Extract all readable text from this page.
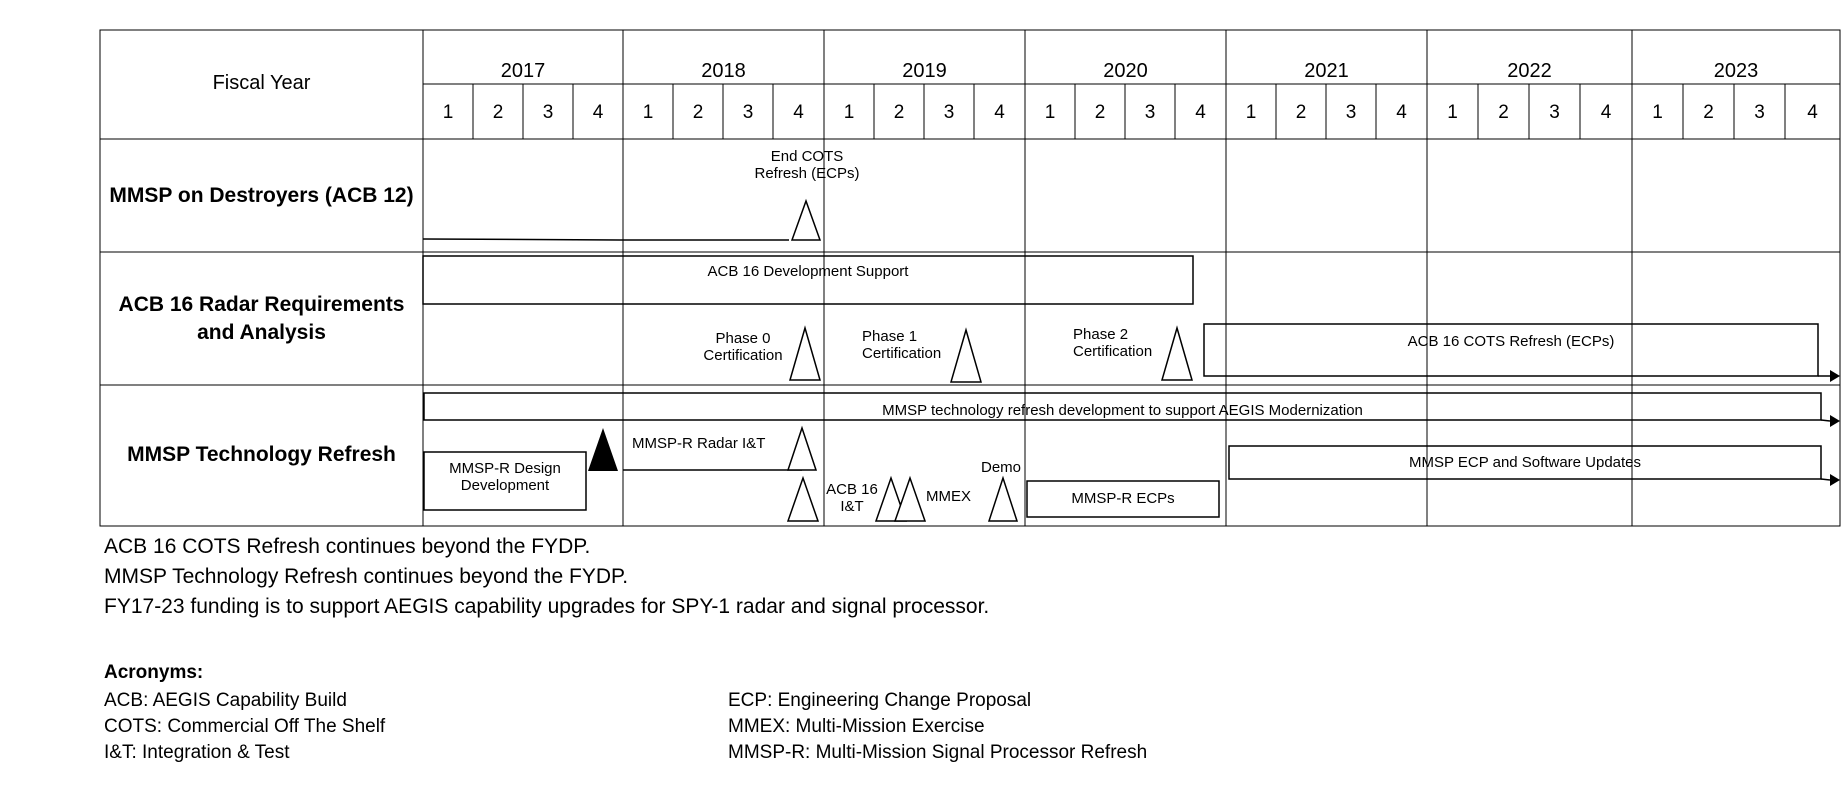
Fiscal Year
2017	2018	2019	2020	2021	2022	2023
1	2	3	4	1	2	3	4	1	2	3	4	1	2	3	4	1	2	3	4	1	2	3	4	1	2	3	4
MMSP on Destroyers (ACB 12)
ACB 16 Radar Requirements and Analysis
MMSP Technology Refresh
End COTS Refresh (ECPs)
ACB 16 Development Support
Phase 0 Certification
Phase 1 Certification
Phase 2 Certification
ACB 16 COTS Refresh (ECPs)
MMSP technology refresh development to support AEGIS Modernization
MMSP-R Design Development
MMSP-R Radar I&T
ACB 16 I&T
MMEX
Demo
MMSP-R ECPs
MMSP ECP and Software Updates
ACB 16 COTS Refresh continues beyond the FYDP.
MMSP Technology Refresh continues beyond the FYDP.
FY17-23 funding is to support AEGIS capability upgrades for SPY-1 radar and signal processor.
Acronyms:
ACB: AEGIS Capability Build
COTS: Commercial Off The Shelf
I&T: Integration & Test
ECP: Engineering Change Proposal
MMEX: Multi-Mission Exercise
MMSP-R: Multi-Mission Signal Processor Refresh
